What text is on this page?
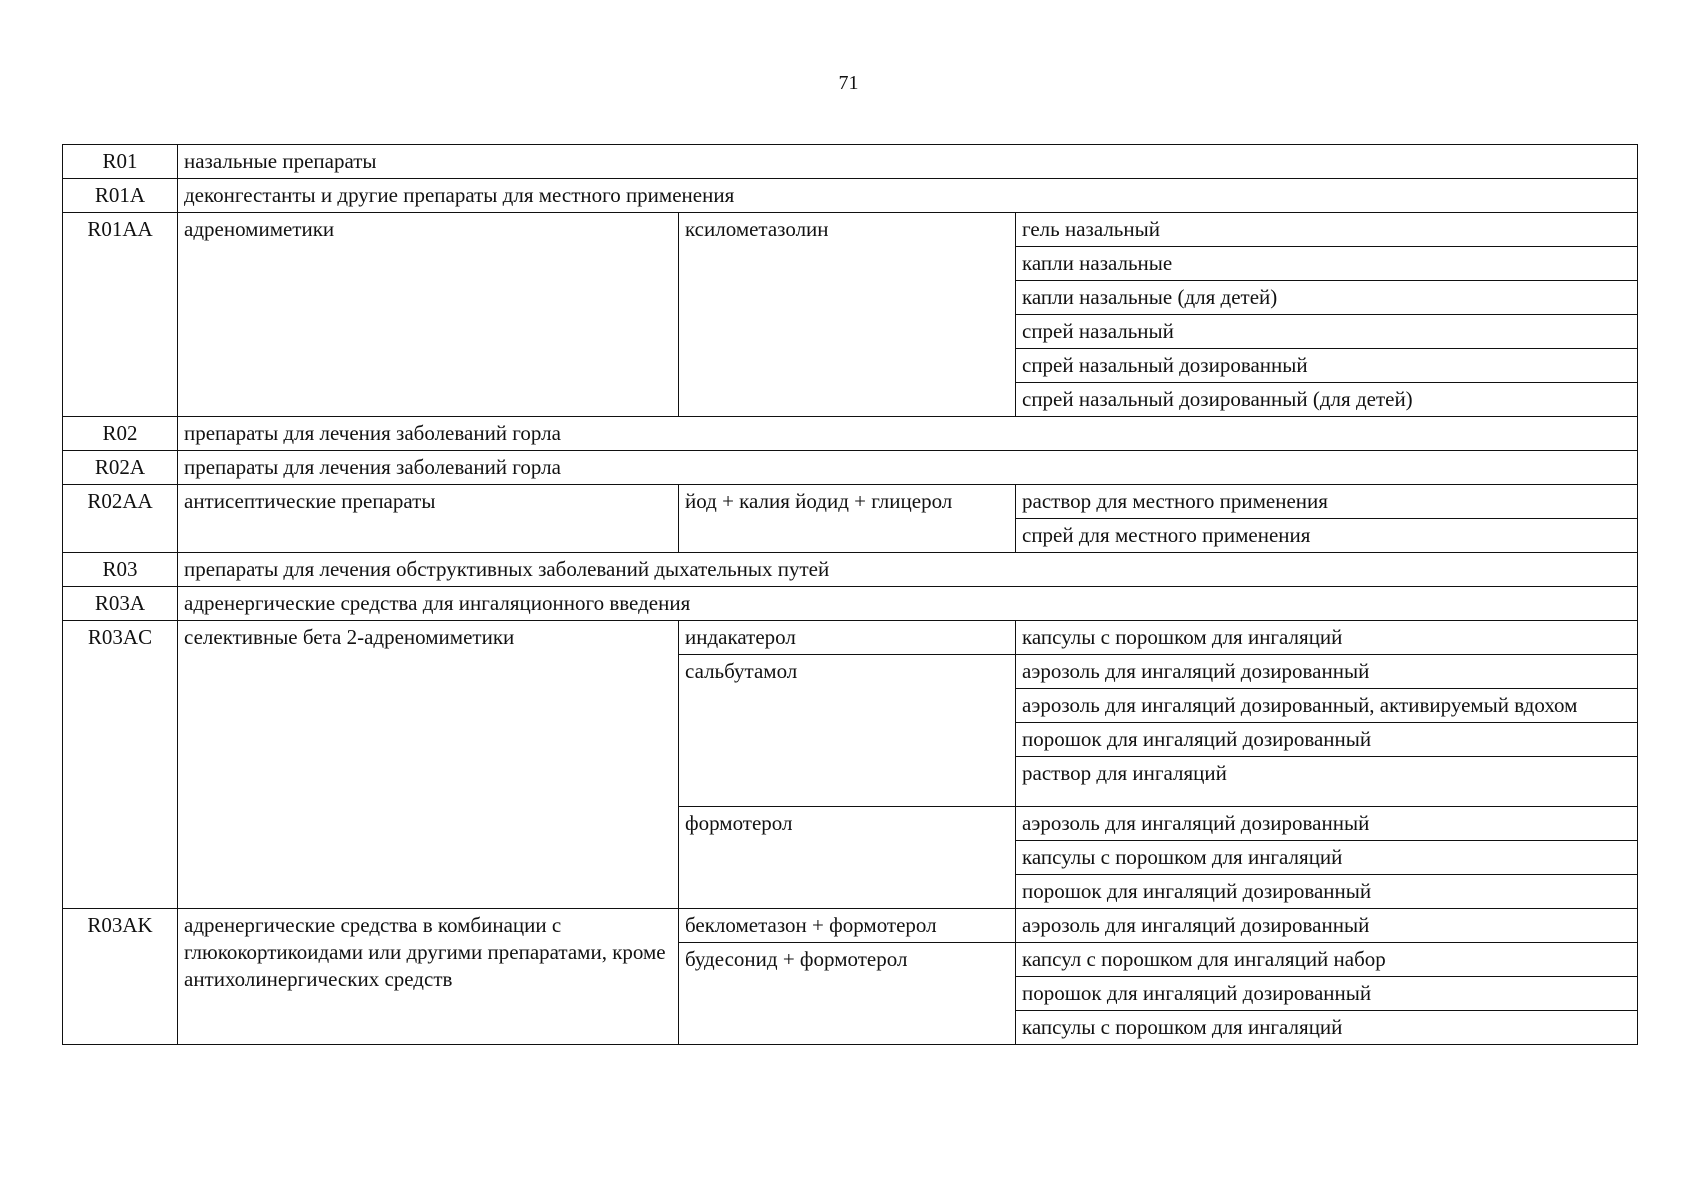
71
R01	назальные препараты		
R01A	деконгестанты и другие препараты для местного применения		
R01AA	адреномиметики	ксилометазолин	гель назальный
			капли назальные
			капли назальные (для детей)
			спрей назальный
			спрей назальный дозированный
			спрей назальный дозированный (для детей)
R02	препараты для лечения заболеваний горла		
R02A	препараты для лечения заболеваний горла		
R02AA	антисептические препараты	йод + калия йодид + глицерол	раствор для местного применения
			спрей для местного применения
R03	препараты для лечения обструктивных заболеваний дыхательных путей		
R03A	адренергические средства для ингаляционного введения		
R03AC	селективные бета 2-адреномиметики	индакатерол	капсулы с порошком для ингаляций
		сальбутамол	аэрозоль для ингаляций дозированный
			аэрозоль для ингаляций дозированный, активируемый вдохом
			порошок для ингаляций дозированный
			раствор для ингаляций
		формотерол	аэрозоль для ингаляций дозированный
			капсулы с порошком для ингаляций
			порошок для ингаляций дозированный
R03AK	адренергические средства в комбинации с глюкокортикоидами или другими препаратами, кроме антихолинергических средств	беклометазон + формотерол	аэрозоль для ингаляций дозированный
		будесонид + формотерол	капсул с порошком для ингаляций набор
			порошок для ингаляций дозированный
			капсулы с порошком для ингаляций
